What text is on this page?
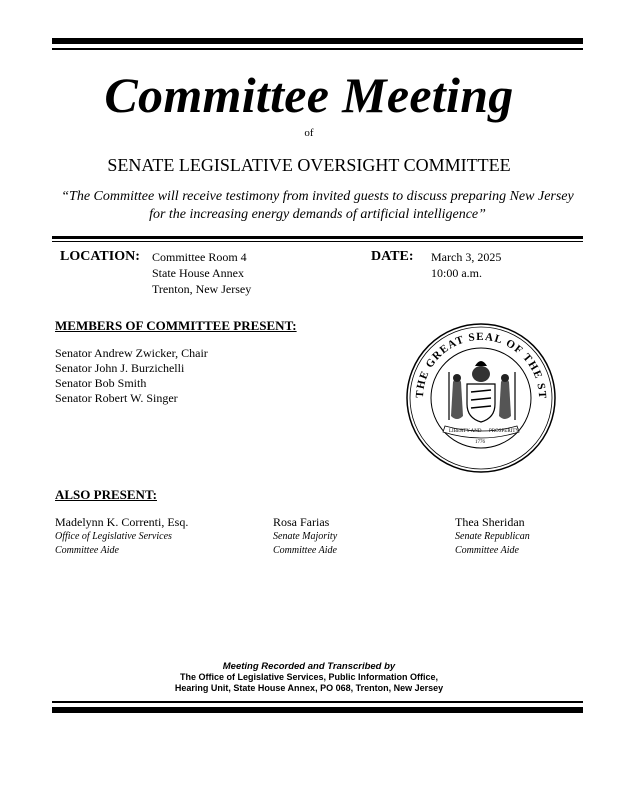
Committee Meeting
of
SENATE LEGISLATIVE OVERSIGHT COMMITTEE
“The Committee will receive testimony from invited guests to discuss preparing New Jersey for the increasing energy demands of artificial intelligence”
LOCATION: Committee Room 4
State House Annex
Trenton, New Jersey
DATE: March 3, 2025
10:00 a.m.
MEMBERS OF COMMITTEE PRESENT:
Senator Andrew Zwicker, Chair
Senator John J. Burzichelli
Senator Bob Smith
Senator Robert W. Singer	THE GREAT SEAL OF THE ST
LIBERTY AND PROSPERITY
1776
ALSO PRESENT:
Madelynn K. Correnti, Esq.
Office of Legislative Services
Committee Aide
Rosa Farias
Senate Majority
Committee Aide
Thea Sheridan
Senate Republican
Committee Aide
Meeting Recorded and Transcribed by
The Office of Legislative Services, Public Information Office,
Hearing Unit, State House Annex, PO 068, Trenton, New Jersey
